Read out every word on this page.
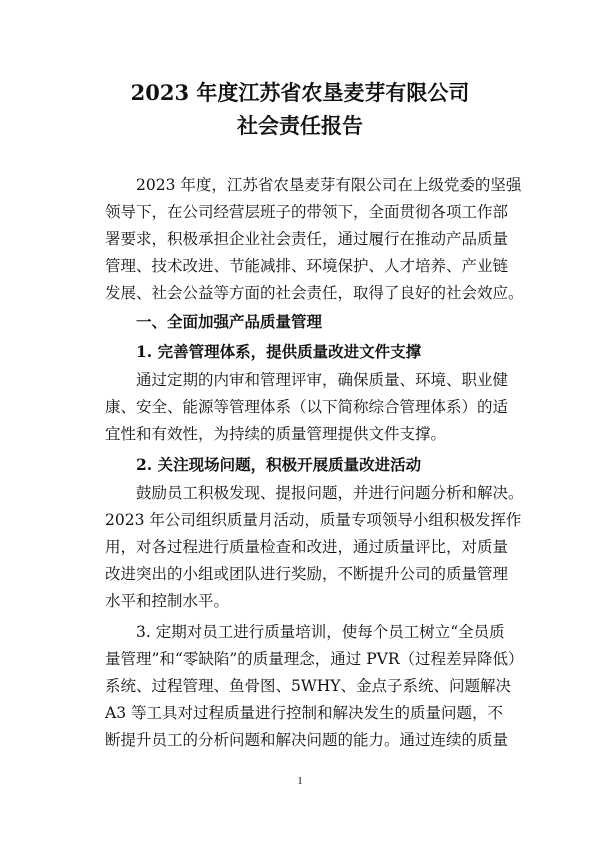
2023 年度江苏省农垦麦芽有限公司
社会责任报告
2023 年度，江苏省农垦麦芽有限公司在上级党委的坚强
领导下，在公司经营层班子的带领下，全面贯彻各项工作部
署要求，积极承担企业社会责任，通过履行在推动产品质量
管理、技术改进、节能减排、环境保护、人才培养、产业链
发展、社会公益等方面的社会责任，取得了良好的社会效应。
一、全面加强产品质量管理
1. 完善管理体系，提供质量改进文件支撑
通过定期的内审和管理评审，确保质量、环境、职业健
康、安全、能源等管理体系（以下简称综合管理体系）的适
宜性和有效性，为持续的质量管理提供文件支撑。
2. 关注现场问题，积极开展质量改进活动
鼓励员工积极发现、提报问题，并进行问题分析和解决。
2023 年公司组织质量月活动，质量专项领导小组积极发挥作
用，对各过程进行质量检查和改进，通过质量评比，对质量
改进突出的小组或团队进行奖励，不断提升公司的质量管理
水平和控制水平。
3. 定期对员工进行质量培训，使每个员工树立“全员质
量管理”和“零缺陷”的质量理念，通过 PVR（过程差异降低）
系统、过程管理、鱼骨图、5WHY、金点子系统、问题解决
A3 等工具对过程质量进行控制和解决发生的质量问题，不
断提升员工的分析问题和解决问题的能力。通过连续的质量
1
